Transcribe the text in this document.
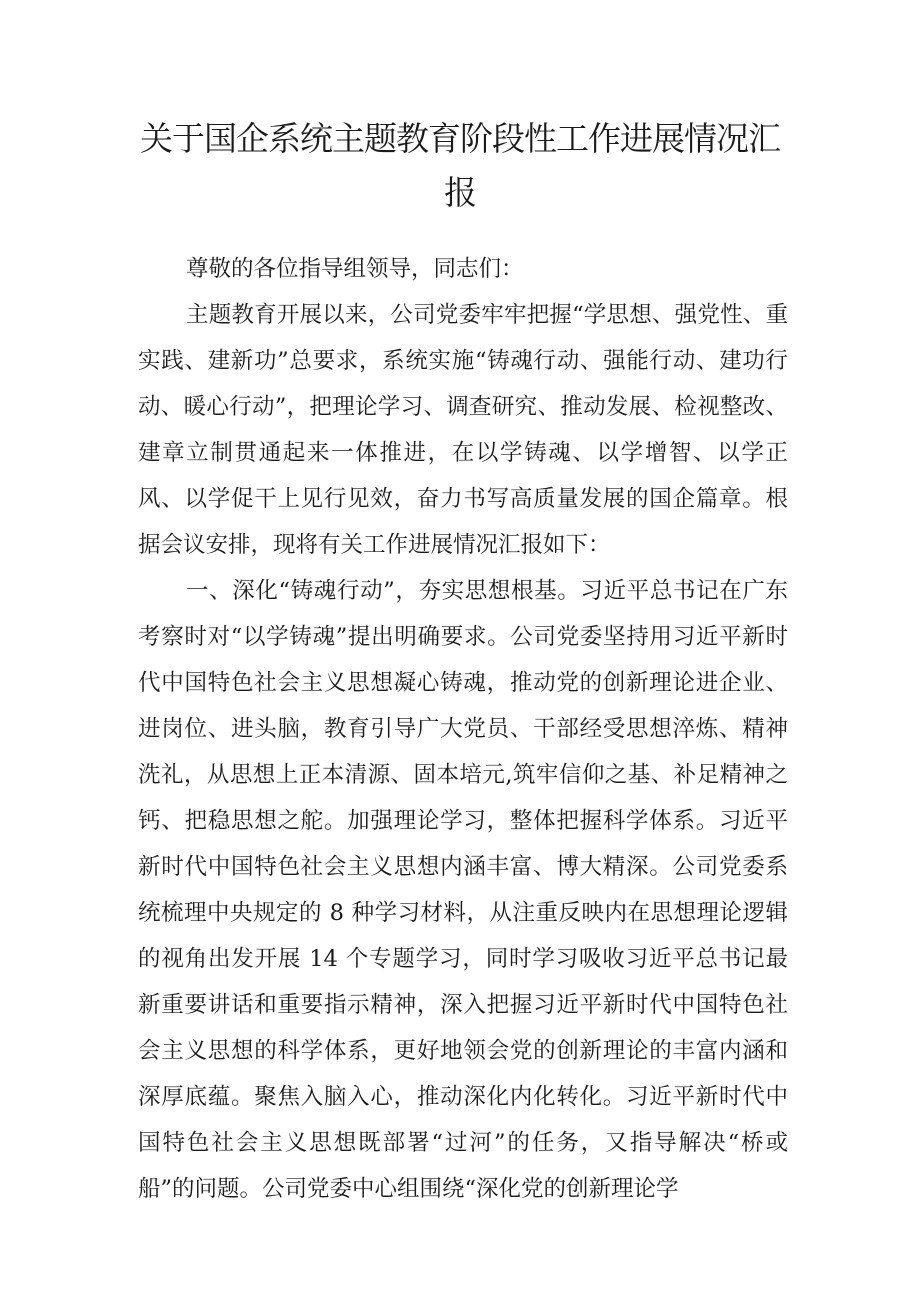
关于国企系统主题教育阶段性工作进展情况汇报

尊敬的各位指导组领导，同志们：

主题教育开展以来，公司党委牢牢把握“学思想、强党性、重实践、建新功”总要求，系统实施“铸魂行动、强能行动、建功行动、暖心行动”，把理论学习、调查研究、推动发展、检视整改、建章立制贯通起来一体推进，在以学铸魂、以学增智、以学正风、以学促干上见行见效，奋力书写高质量发展的国企篇章。根据会议安排，现将有关工作进展情况汇报如下：

一、深化“铸魂行动”，夯实思想根基。习近平总书记在广东考察时对“以学铸魂”提出明确要求。公司党委坚持用习近平新时代中国特色社会主义思想凝心铸魂，推动党的创新理论进企业、进岗位、进头脑，教育引导广大党员、干部经受思想淬炼、精神洗礼，从思想上正本清源、固本培元,筑牢信仰之基、补足精神之钙、把稳思想之舵。加强理论学习，整体把握科学体系。习近平新时代中国特色社会主义思想内涵丰富、博大精深。公司党委系统梳理中央规定的 8 种学习材料，从注重反映内在思想理论逻辑的视角出发开展 14 个专题学习，同时学习吸收习近平总书记最新重要讲话和重要指示精神，深入把握习近平新时代中国特色社会主义思想的科学体系，更好地领会党的创新理论的丰富内涵和深厚底蕴。聚焦入脑入心，推动深化内化转化。习近平新时代中国特色社会主义思想既部署“过河”的任务，又指导解决“桥或船”的问题。公司党委中心组围绕“深化党的创新理论学
